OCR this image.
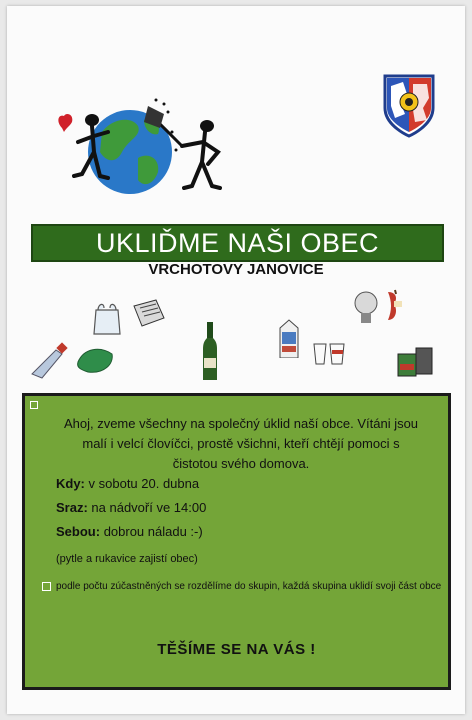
UKLIĎME NAŠI OBEC
VRCHOTOVY JANOVICE
Ahoj, zveme všechny na společný úklid naší obce. Vítáni jsou malí i velcí človíčci, prostě všichni, kteří chtějí pomoci s čistotou svého domova.
Kdy: v sobotu 20. dubna
Sraz: na nádvoří ve 14:00
Sebou: dobrou náladu :-)
(pytle a rukavice zajistí obec)
podle počtu zúčastněných se rozdělíme do skupin, každá skupina uklidí svoji část obce
TĚŠÍME SE NA VÁS !
